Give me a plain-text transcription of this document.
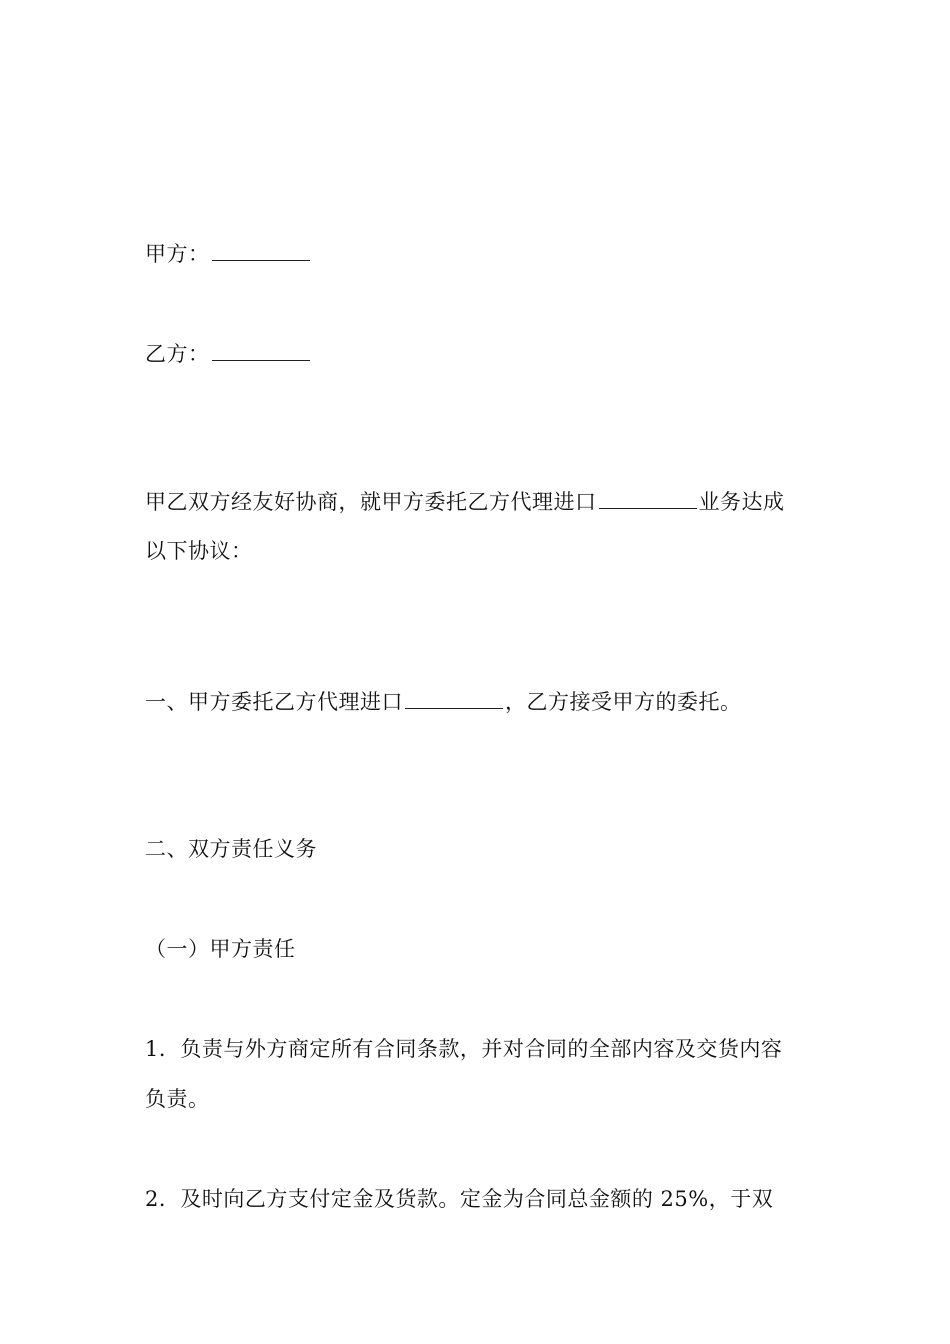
甲方：
乙方：
甲乙双方经友好协商，就甲方委托乙方代理进口	业务达成
以下协议：
一、甲方委托乙方代理进口	，乙方接受甲方的委托。
二、双方责任义务
（一）甲方责任
1．负责与外方商定所有合同条款，并对合同的全部内容及交货内容
负责。
2．及时向乙方支付定金及货款。定金为合同总金额的 25%，于双
